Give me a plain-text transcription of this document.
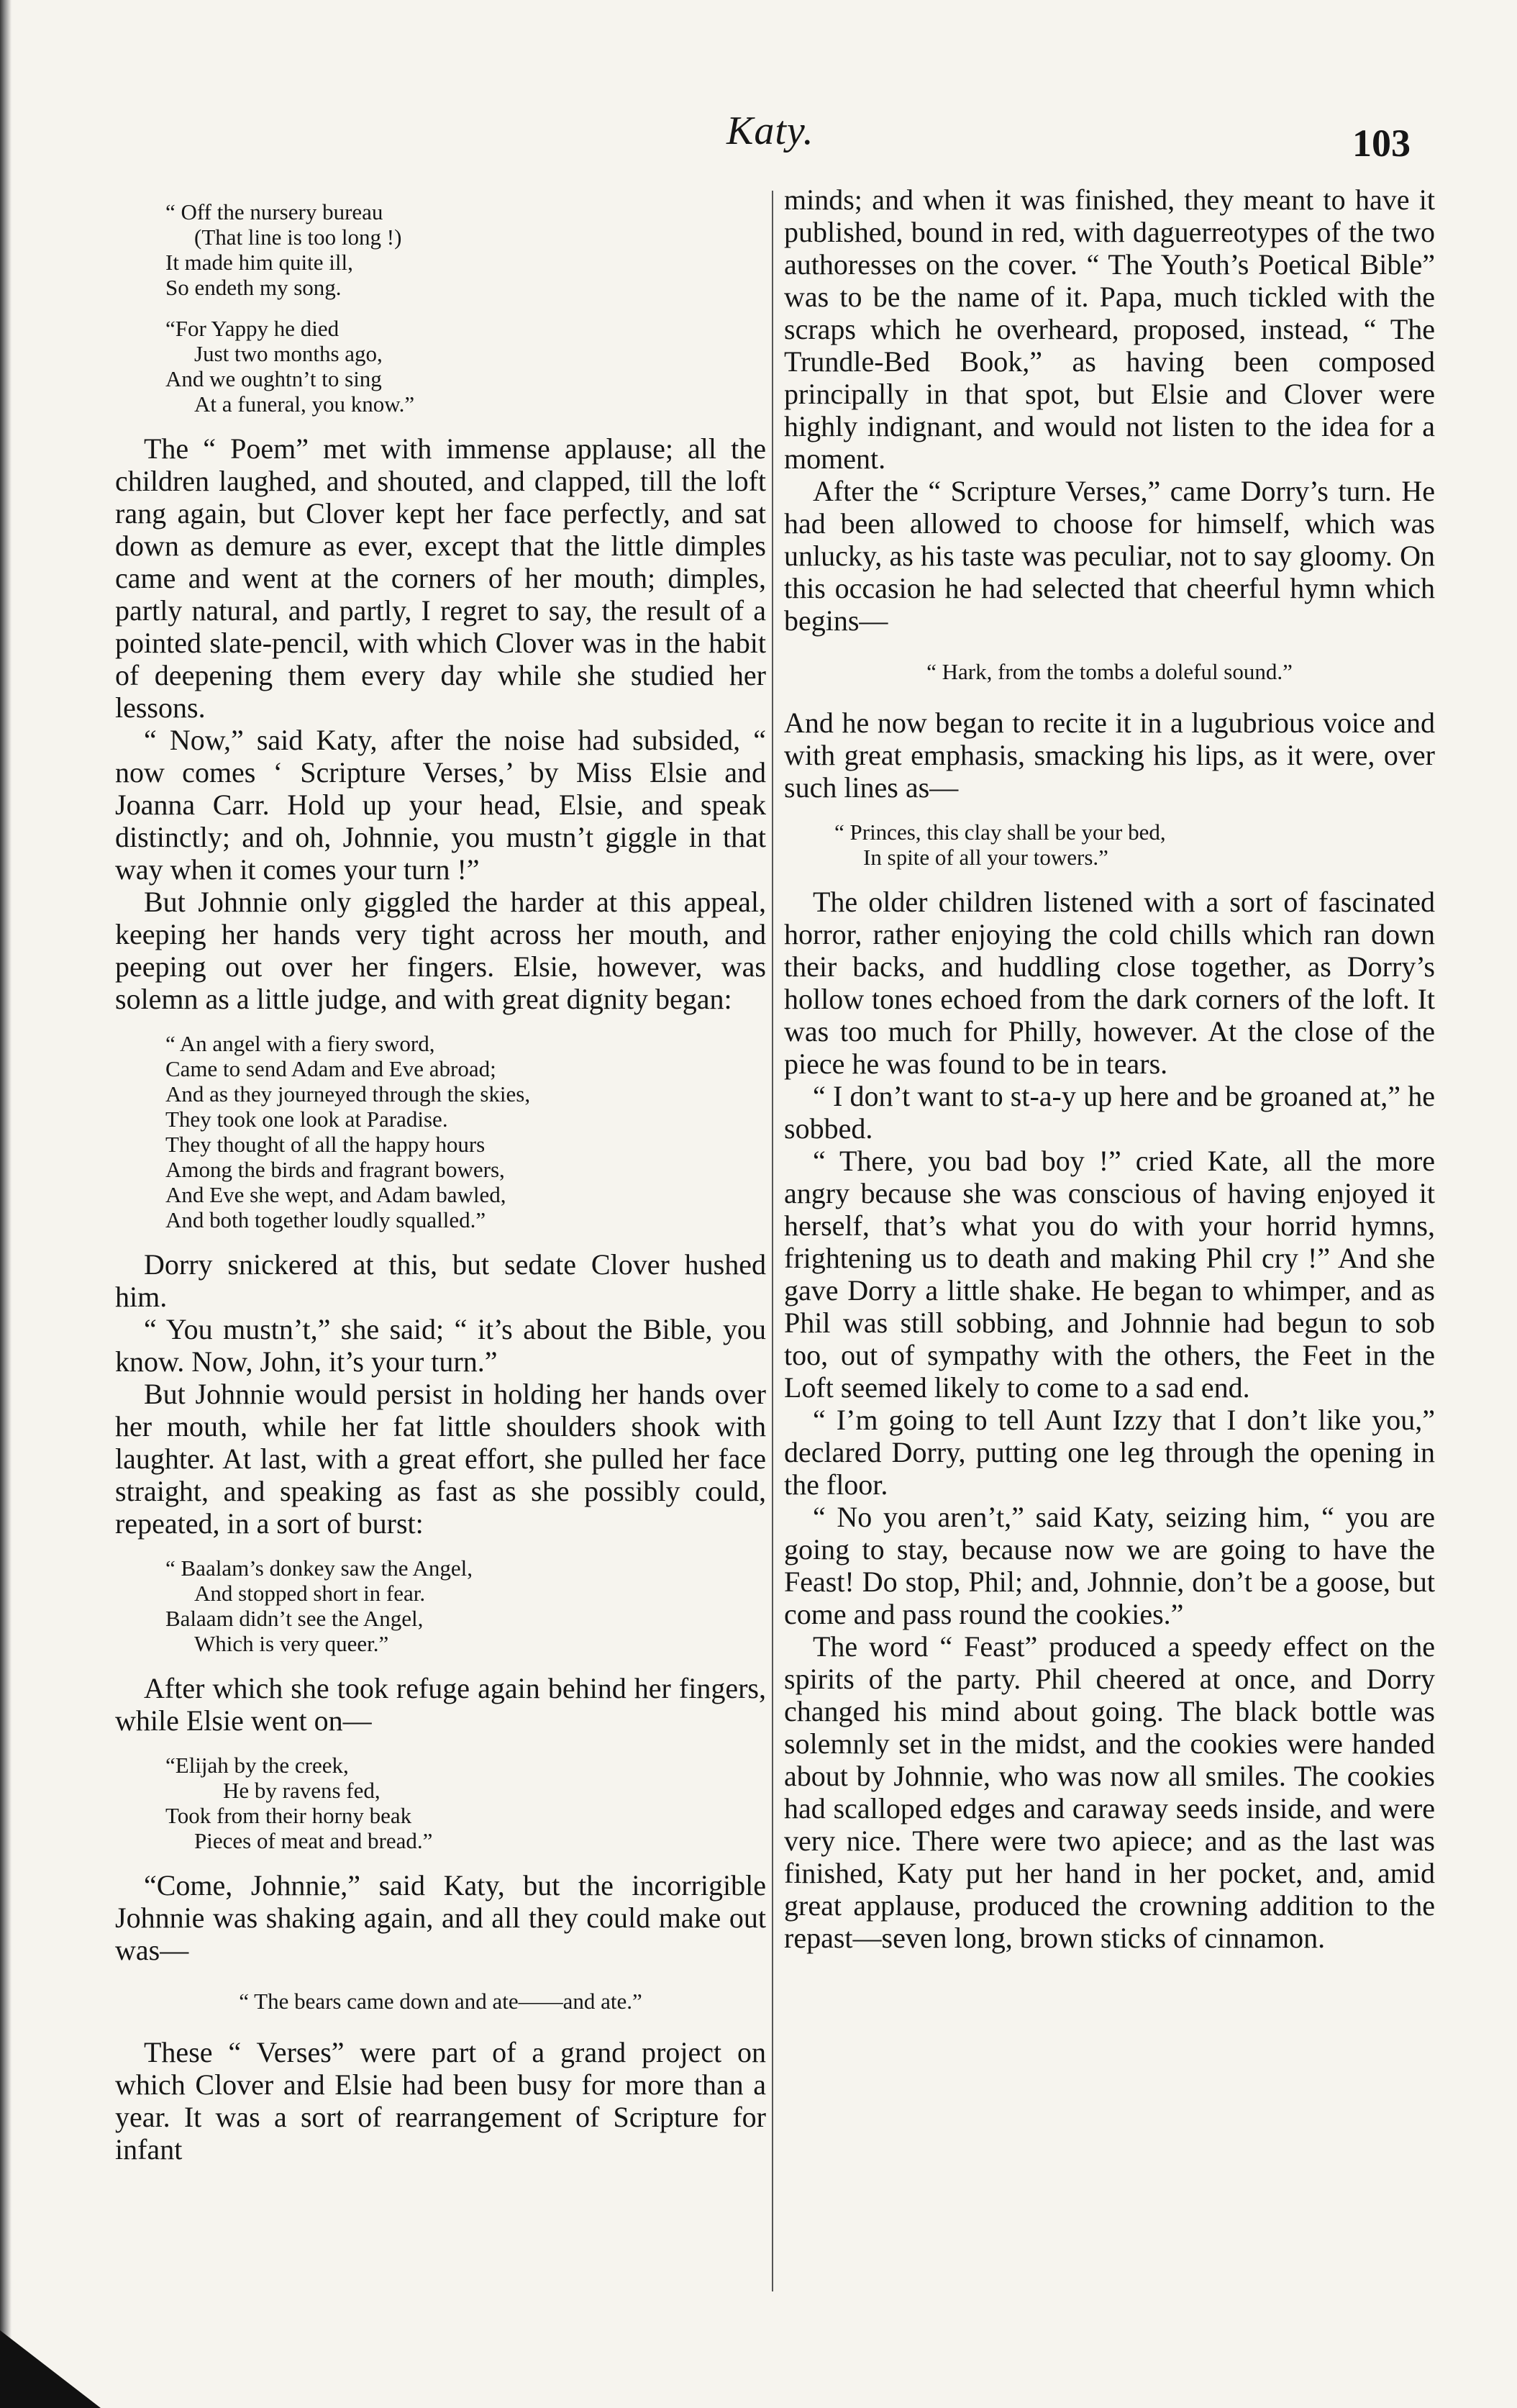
Katy.	103
“ Off the nursery bureau
(That line is too long !)
It made him quite ill,
So endeth my song.
“For Yappy he died
Just two months ago,
And we oughtn’t to sing
At a funeral, you know.”

The “ Poem” met with immense applause; all the children laughed, and shouted, and clapped, till the loft rang again, but Clover kept her face perfectly, and sat down as demure as ever, except that the little dimples came and went at the corners of her mouth; dimples, partly natural, and partly, I regret to say, the result of a pointed slate-pencil, with which Clover was in the habit of deepening them every day while she studied her lessons.

“ Now,” said Katy, after the noise had subsided, “ now comes ‘ Scripture Verses,’ by Miss Elsie and Joanna Carr. Hold up your head, Elsie, and speak distinctly; and oh, Johnnie, you mustn’t giggle in that way when it comes your turn !”

But Johnnie only giggled the harder at this appeal, keeping her hands very tight across her mouth, and peeping out over her fingers. Elsie, however, was solemn as a little judge, and with great dignity began:

“ An angel with a fiery sword,
Came to send Adam and Eve abroad;
And as they journeyed through the skies,
They took one look at Paradise.
They thought of all the happy hours
Among the birds and fragrant bowers,
And Eve she wept, and Adam bawled,
And both together loudly squalled.”

Dorry snickered at this, but sedate Clover hushed him.

“ You mustn’t,” she said; “ it’s about the Bible, you know. Now, John, it’s your turn.”

But Johnnie would persist in holding her hands over her mouth, while her fat little shoulders shook with laughter. At last, with a great effort, she pulled her face straight, and speaking as fast as she possibly could, repeated, in a sort of burst:

“ Baalam’s donkey saw the Angel,
And stopped short in fear.
Balaam didn’t see the Angel,
Which is very queer.”

After which she took refuge again behind her fingers, while Elsie went on—

“Elijah by the creek,
He by ravens fed,
Took from their horny beak
Pieces of meat and bread.”

“Come, Johnnie,” said Katy, but the incorrigible Johnnie was shaking again, and all they could make out was—

“ The bears came down and ate——and ate.”

These “ Verses” were part of a grand project on which Clover and Elsie had been busy for more than a year. It was a sort of rearrangement of Scripture for infant

minds; and when it was finished, they meant to have it published, bound in red, with daguerreotypes of the two authoresses on the cover. “ The Youth’s Poetical Bible” was to be the name of it. Papa, much tickled with the scraps which he overheard, proposed, instead, “ The Trundle-Bed Book,” as having been composed principally in that spot, but Elsie and Clover were highly indignant, and would not listen to the idea for a moment.

After the “ Scripture Verses,” came Dorry’s turn. He had been allowed to choose for himself, which was unlucky, as his taste was peculiar, not to say gloomy. On this occasion he had selected that cheerful hymn which begins—

“ Hark, from the tombs a doleful sound.”

And he now began to recite it in a lugubrious voice and with great emphasis, smacking his lips, as it were, over such lines as—

“ Princes, this clay shall be your bed,
In spite of all your towers.”

The older children listened with a sort of fascinated horror, rather enjoying the cold chills which ran down their backs, and huddling close together, as Dorry’s hollow tones echoed from the dark corners of the loft. It was too much for Philly, however. At the close of the piece he was found to be in tears.

“ I don’t want to st-a-y up here and be groaned at,” he sobbed.

“ There, you bad boy !” cried Kate, all the more angry because she was conscious of having enjoyed it herself, that’s what you do with your horrid hymns, frightening us to death and making Phil cry !” And she gave Dorry a little shake. He began to whimper, and as Phil was still sobbing, and Johnnie had begun to sob too, out of sympathy with the others, the Feet in the Loft seemed likely to come to a sad end.

“ I’m going to tell Aunt Izzy that I don’t like you,” declared Dorry, putting one leg through the opening in the floor.

“ No you aren’t,” said Katy, seizing him, “ you are going to stay, because now we are going to have the Feast! Do stop, Phil; and, Johnnie, don’t be a goose, but come and pass round the cookies.”

The word “ Feast” produced a speedy effect on the spirits of the party. Phil cheered at once, and Dorry changed his mind about going. The black bottle was solemnly set in the midst, and the cookies were handed about by Johnnie, who was now all smiles. The cookies had scalloped edges and caraway seeds inside, and were very nice. There were two apiece; and as the last was finished, Katy put her hand in her pocket, and, amid great applause, produced the crowning addition to the repast—seven long, brown sticks of cinnamon.
